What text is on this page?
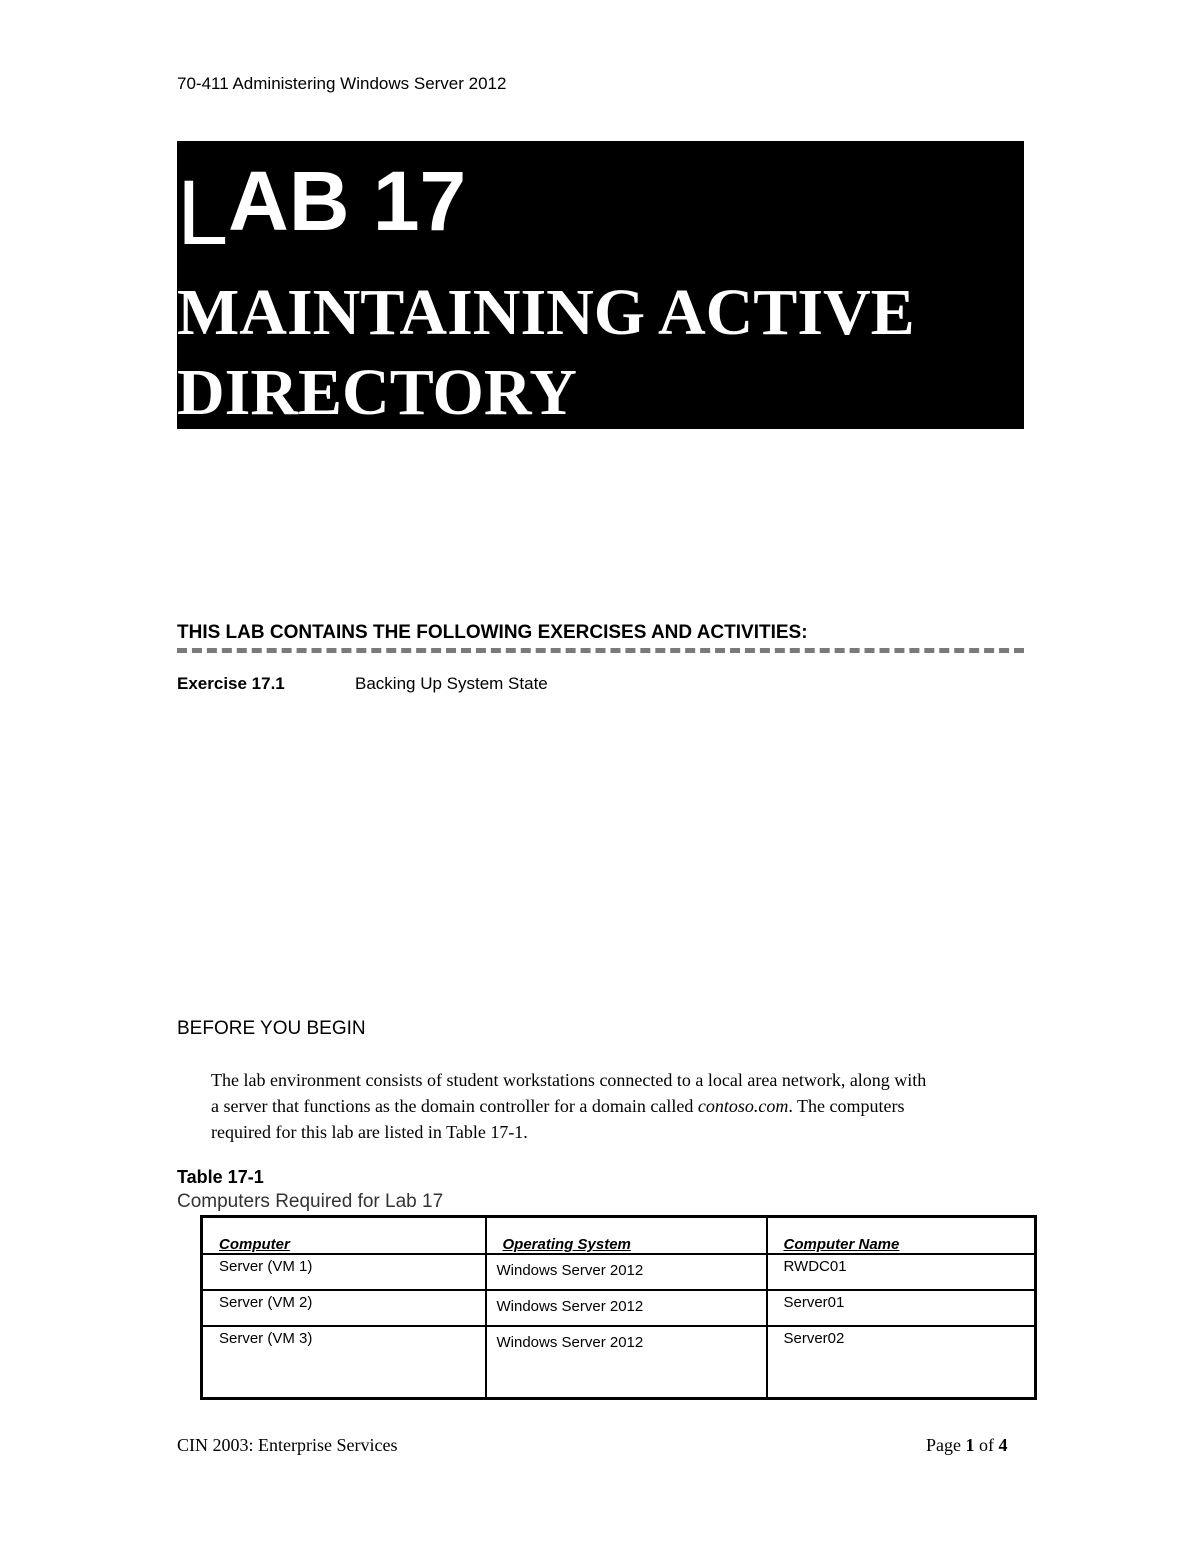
70-411 Administering Windows Server 2012
LAB 17
MAINTAINING ACTIVE DIRECTORY
THIS LAB CONTAINS THE FOLLOWING EXERCISES AND ACTIVITIES:
Exercise 17.1	Backing Up System State
BEFORE YOU BEGIN
The lab environment consists of student workstations connected to a local area network, along with a server that functions as the domain controller for a domain called contoso.com. The computers required for this lab are listed in Table 17-1.
Table 17-1
Computers Required for Lab 17
Computer	Operating System	Computer Name
Server (VM 1)	Windows Server 2012	RWDC01
Server (VM 2)	Windows Server 2012	Server01
Server (VM 3)	Windows Server 2012	Server02
CIN 2003: Enterprise Services	Page 1 of 4
